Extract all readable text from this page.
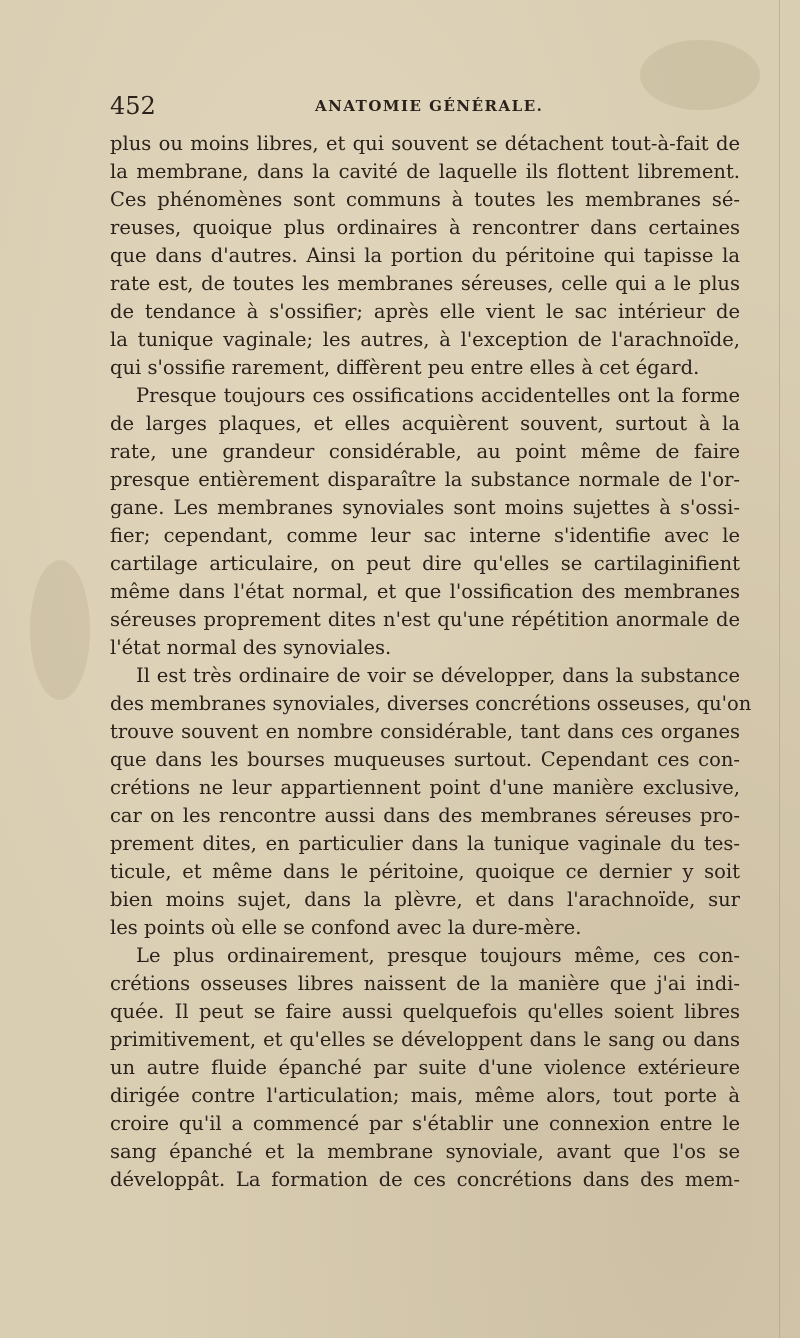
452	ANATOMIE GÉNÉRALE.
plus ou moins libres, et qui souvent se détachent tout-à-fait de
la membrane, dans la cavité de laquelle ils flottent librement.
Ces phénomènes sont communs à toutes les membranes sé-
reuses, quoique plus ordinaires à rencontrer dans certaines
que dans d'autres. Ainsi la portion du péritoine qui tapisse la
rate est, de toutes les membranes séreuses, celle qui a le plus
de tendance à s'ossifier; après elle vient le sac intérieur de
la tunique vaginale; les autres, à l'exception de l'arachnoïde,
qui s'ossifie rarement, diffèrent peu entre elles à cet égard.
Presque toujours ces ossifications accidentelles ont la forme
de larges plaques, et elles acquièrent souvent, surtout à la
rate, une grandeur considérable, au point même de faire
presque entièrement disparaître la substance normale de l'or-
gane. Les membranes synoviales sont moins sujettes à s'ossi-
fier; cependant, comme leur sac interne s'identifie avec le
cartilage articulaire, on peut dire qu'elles se cartilaginifient
même dans l'état normal, et que l'ossification des membranes
séreuses proprement dites n'est qu'une répétition anormale de
l'état normal des synoviales.
Il est très ordinaire de voir se développer, dans la substance
des membranes synoviales, diverses concrétions osseuses, qu'on
trouve souvent en nombre considérable, tant dans ces organes
que dans les bourses muqueuses surtout. Cependant ces con-
crétions ne leur appartiennent point d'une manière exclusive,
car on les rencontre aussi dans des membranes séreuses pro-
prement dites, en particulier dans la tunique vaginale du tes-
ticule, et même dans le péritoine, quoique ce dernier y soit
bien moins sujet, dans la plèvre, et dans l'arachnoïde, sur
les points où elle se confond avec la dure-mère.
Le plus ordinairement, presque toujours même, ces con-
crétions osseuses libres naissent de la manière que j'ai indi-
quée. Il peut se faire aussi quelquefois qu'elles soient libres
primitivement, et qu'elles se développent dans le sang ou dans
un autre fluide épanché par suite d'une violence extérieure
dirigée contre l'articulation; mais, même alors, tout porte à
croire qu'il a commencé par s'établir une connexion entre le
sang épanché et la membrane synoviale, avant que l'os se
développât. La formation de ces concrétions dans des mem-
